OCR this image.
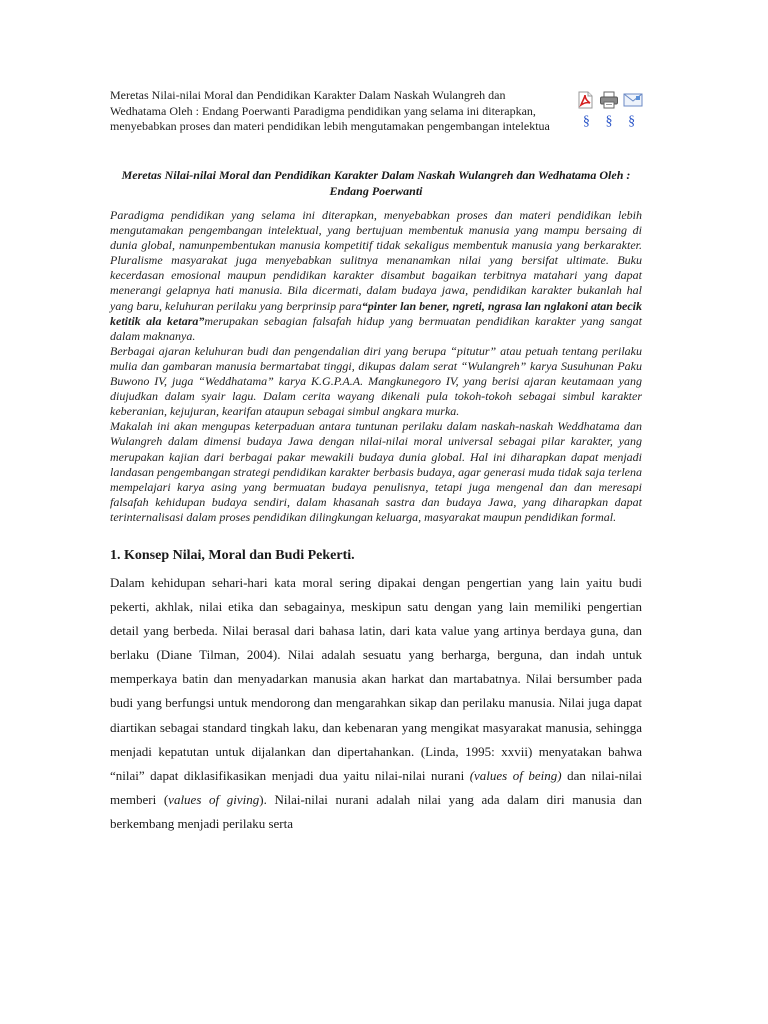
Meretas Nilai-nilai Moral dan Pendidikan Karakter Dalam Naskah Wulangreh dan Wedhatama Oleh : Endang Poerwanti Paradigma pendidikan yang selama ini diterapkan, menyebabkan proses dan materi pendidikan lebih mengutamakan pengembangan intelektua	§	§	§
Meretas Nilai-nilai Moral dan Pendidikan Karakter Dalam Naskah Wulangreh dan Wedhatama Oleh : Endang Poerwanti

Paradigma pendidikan yang selama ini diterapkan, menyebabkan proses dan materi pendidikan lebih mengutamakan pengembangan intelektual, yang bertujuan membentuk manusia yang mampu bersaing di dunia global, namunpembentukan manusia kompetitif tidak sekaligus membentuk manusia yang berkarakter. Pluralisme masyarakat juga menyebabkan sulitnya menanamkan nilai yang bersifat ultimate. Buku kecerdasan emosional maupun pendidikan karakter disambut bagaikan terbitnya matahari yang dapat menerangi gelapnya hati manusia. Bila dicermati, dalam budaya jawa, pendidikan karakter bukanlah hal yang baru, keluhuran perilaku yang berprinsip para“pinter lan bener, ngreti, ngrasa lan nglakoni atan becik ketitik ala ketara”merupakan sebagian falsafah hidup yang bermuatan pendidikan karakter yang sangat dalam maknanya.

Berbagai ajaran keluhuran budi dan pengendalian diri yang berupa “pitutur” atau petuah tentang perilaku mulia dan gambaran manusia bermartabat tinggi, dikupas dalam serat “Wulangreh” karya Susuhunan Paku Buwono IV, juga “Weddhatama” karya K.G.P.A.A. Mangkunegoro IV, yang berisi ajaran keutamaan yang diujudkan dalam syair lagu. Dalam cerita wayang dikenali pula tokoh-tokoh sebagai simbul karakter keberanian, kejujuran, kearifan ataupun sebagai simbul angkara murka.

Makalah ini akan mengupas keterpaduan antara tuntunan perilaku dalam naskah-naskah Weddhatama dan Wulangreh dalam dimensi budaya Jawa dengan nilai-nilai moral universal sebagai pilar karakter, yang merupakan kajian dari berbagai pakar mewakili budaya dunia global. Hal ini diharapkan dapat menjadi landasan pengembangan strategi pendidikan karakter berbasis budaya, agar generasi muda tidak saja terlena mempelajari karya asing yang bermuatan budaya penulisnya, tetapi juga mengenal dan dan meresapi falsafah kehidupan budaya sendiri, dalam khasanah sastra dan budaya Jawa, yang diharapkan dapat terinternalisasi dalam proses pendidikan dilingkungan keluarga, masyarakat maupun pendidikan formal.

1. Konsep Nilai, Moral dan Budi Pekerti.

Dalam kehidupan sehari-hari kata moral sering dipakai dengan pengertian yang lain yaitu budi pekerti, akhlak, nilai etika dan sebagainya, meskipun satu dengan yang lain memiliki pengertian detail yang berbeda. Nilai berasal dari bahasa latin, dari kata value yang artinya berdaya guna, dan berlaku (Diane Tilman, 2004). Nilai adalah sesuatu yang berharga, berguna, dan indah untuk memperkaya batin dan menyadarkan manusia akan harkat dan martabatnya. Nilai bersumber pada budi yang berfungsi untuk mendorong dan mengarahkan sikap dan perilaku manusia. Nilai juga dapat diartikan sebagai standard tingkah laku, dan kebenaran yang mengikat masyarakat manusia, sehingga menjadi kepatutan untuk dijalankan dan dipertahankan. (Linda, 1995: xxvii) menyatakan bahwa “nilai” dapat diklasifikasikan menjadi dua yaitu nilai-nilai nurani (values of being) dan nilai-nilai memberi (values of giving). Nilai-nilai nurani adalah nilai yang ada dalam diri manusia dan berkembang menjadi perilaku serta
